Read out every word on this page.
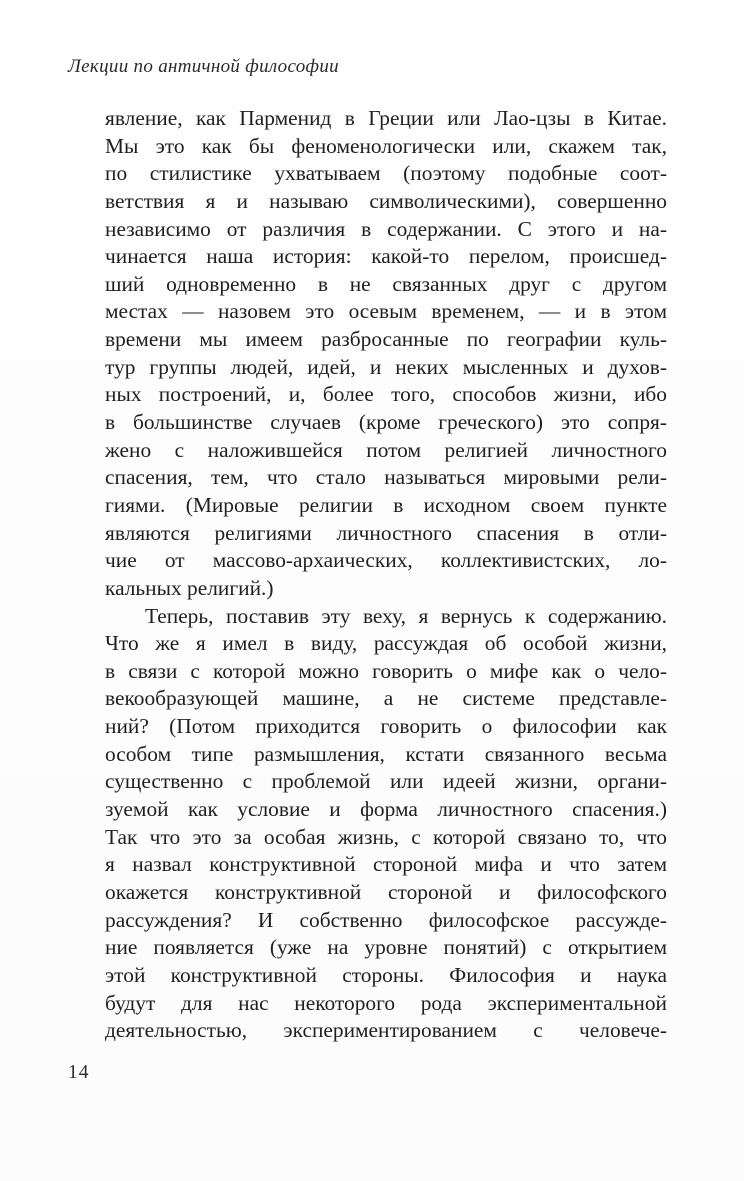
Лекции по античной философии
явление, как Парменид в Греции или Лао-цзы в Китае.
Мы это как бы феноменологически или, скажем так,
по стилистике ухватываем (поэтому подобные соот-
ветствия я и называю символическими), совершенно
независимо от различия в содержании. С этого и на-
чинается наша история: какой-то перелом, происшед-
ший одновременно в не связанных друг с другом
местах — назовем это осевым временем, — и в этом
времени мы имеем разбросанные по географии куль-
тур группы людей, идей, и неких мысленных и духов-
ных построений, и, более того, способов жизни, ибо
в большинстве случаев (кроме греческого) это сопря-
жено с наложившейся потом религией личностного
спасения, тем, что стало называться мировыми рели-
гиями. (Мировые религии в исходном своем пункте
являются религиями личностного спасения в отли-
чие от массово-архаических, коллективистских, ло-
кальных религий.)
Теперь, поставив эту веху, я вернусь к содержанию.
Что же я имел в виду, рассуждая об особой жизни,
в связи с которой можно говорить о мифе как о чело-
векообразующей машине, а не системе представле-
ний? (Потом приходится говорить о философии как
особом типе размышления, кстати связанного весьма
существенно с проблемой или идеей жизни, органи-
зуемой как условие и форма личностного спасения.)
Так что это за особая жизнь, с которой связано то, что
я назвал конструктивной стороной мифа и что затем
окажется конструктивной стороной и философского
рассуждения? И собственно философское рассужде-
ние появляется (уже на уровне понятий) с открытием
этой конструктивной стороны. Философия и наука
будут для нас некоторого рода экспериментальной
деятельностью, экспериментированием с человече-
14
